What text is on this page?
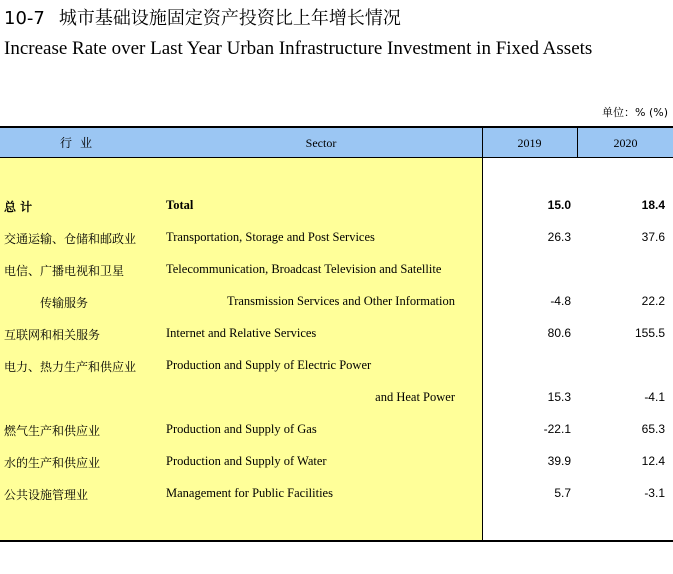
10-7 城市基础设施固定资产投资比上年增长情况
Increase Rate over Last Year Urban Infrastructure Investment in Fixed Assets
单位：% (%)
行业	Sector	2019	2020
总 计	Total	15.0	18.4
交通运输、仓储和邮政业 Transportation, Storage and Post Services	26.3	37.6
电信、广播电视和卫星	Telecommunication, Broadcast Television and Satellite
传输服务	Transmission Services and Other Information	-4.8	22.2
互联网和相关服务	Internet and Relative Services	80.6	155.5
电力、热力生产和供应业 Production and Supply of Electric Power
and Heat Power	15.3	-4.1
燃气生产和供应业	Production and Supply of Gas	-22.1	65.3
水的生产和供应业	Production and Supply of Water	39.9	12.4
公共设施管理业	Management for Public Facilities	5.7	-3.1
